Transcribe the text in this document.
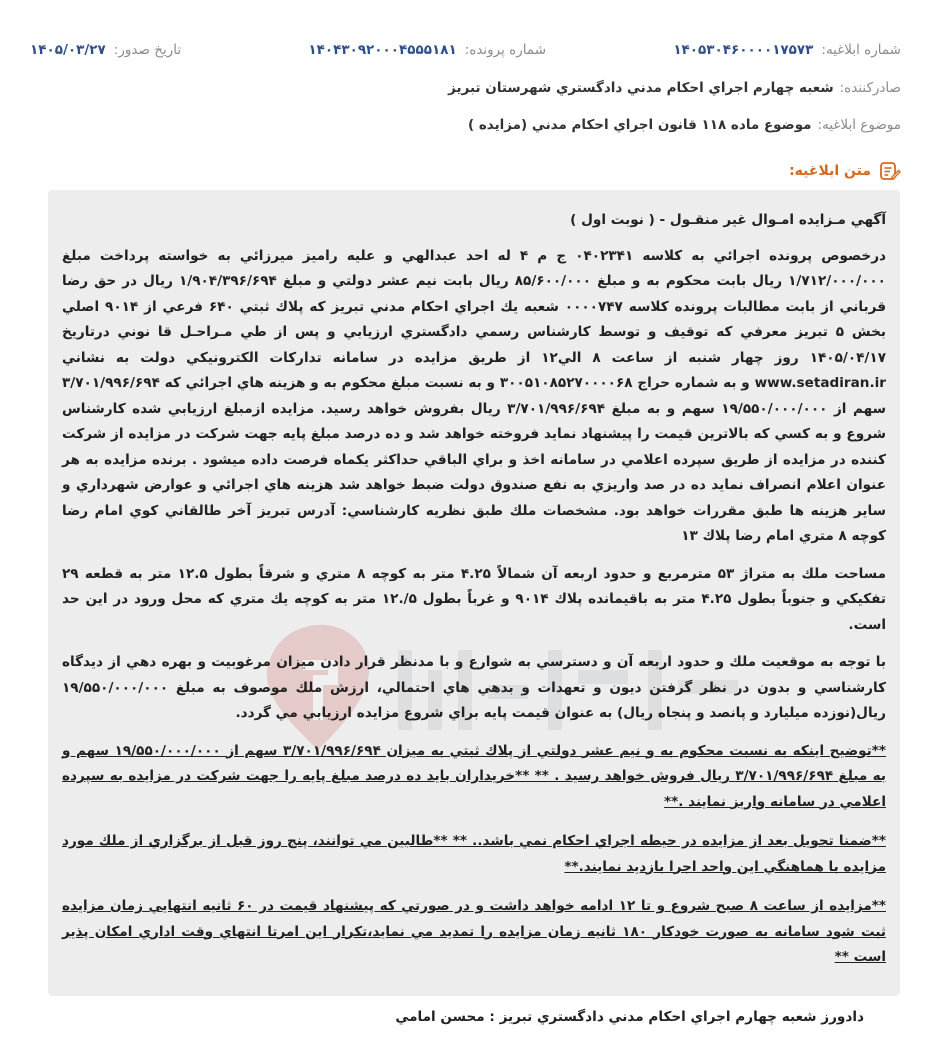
شماره ابلاغیه:
۱۴۰۵۳۰۴۶۰۰۰۰۱۷۵۷۳
شماره پرونده:
۱۴۰۴۳۰۹۲۰۰۰۴۵۵۵۱۸۱
تاریخ صدور:
۱۴۰۵/۰۳/۲۷
صادرکننده:
شعبه چهارم اجراي احكام مدني دادگستري شهرستان تبريز
موضوع ابلاغیه:
موضوع ماده ۱۱۸ قانون اجراي احكام مدني (مزايده )
متن ابلاغیه:

آگهي مـزايده امـوال غير منقـول - ( نوبت اول )

درخصوص پرونده اجرائي به كلاسه ۰۴۰۲۳۴۱ ج م ۴ له احد عبدالهي و عليه راميز ميرزائي به خواسته پرداخت مبلغ ۱/۷۱۲/۰۰۰/۰۰۰ ريال بابت محكوم به و مبلغ ۸۵/۶۰۰/۰۰۰ ريال بابت نيم عشر دولتي و مبلغ ۱/۹۰۴/۳۹۶/۶۹۴ ريال در حق رضا قرباني از بابت مطالبات پرونده كلاسه ۰۰۰۰۷۴۷ شعبه يك اجراي احكام مدني تبريز كه پلاك ثبتي ۶۴۰ فرعي از ۹۰۱۴ اصلي بخش ۵ تبريز معرفي كه توقيف و توسط كارشناس رسمي دادگستري ارزيابي و پس از طي مـراحـل قا نوني درتاريخ ۱۴۰۵/۰۴/۱۷ روز چهار شنبه از ساعت ۸ الي۱۲ از طريق مزايده در سامانه تداركات الكترونيكي دولت به نشاني www.setadiran.ir و به شماره حراج ۳۰۰۵۱۰۸۵۲۷۰۰۰۰۶۸ و به نسبت مبلغ محكوم به و هزينه هاي اجرائي كه ۳/۷۰۱/۹۹۶/۶۹۴ سهم از ۱۹/۵۵۰/۰۰۰/۰۰۰ سهم و به مبلغ ۳/۷۰۱/۹۹۶/۶۹۴ ريال بفروش خواهد رسيد. مزايده ازمبلغ ارزيابي شده كارشناس شروع و به كسي كه بالاترين قيمت را پيشنهاد نمايد فروخته خواهد شد و ده درصد مبلغ پايه جهت شركت در مزايده از شركت كننده در مزايده از طريق سپرده اعلامي در سامانه اخذ و براي الباقي حداكثر يكماه فرصت داده ميشود . برنده مزايده به هر عنوان اعلام انصراف نمايد ده در صد واريزي به نفع صندوق دولت ضبط خواهد شد هزينه هاي اجرائي و عوارض شهرداري و ساير هزينه ها طبق مقررات خواهد بود. مشخصات ملك طبق نظريه كارشناسي: آدرس تبريز آخر طالقاني كوي امام رضا كوچه ۸ متري امام رضا پلاك ۱۳

مساحت ملك به متراژ ۵۳ مترمربع و حدود اربعه آن شمالاً ۴.۲۵ متر به كوچه ۸ متري و شرقاً بطول ۱۲.۵ متر به قطعه ۲۹ تفكيكي و جنوباً بطول ۴.۲۵ متر به باقيمانده پلاك ۹۰۱۴ و غرباً بطول ۵/.۱۲ متر به كوچه يك متري كه محل ورود در اين حد است.

با توجه به موقعيت ملك و حدود اربعه آن و دسترسي به شوارع و با مدنظر قرار دادن ميزان مرغوبيت و بهره دهي از ديدگاه كارشناسي و بدون در نظر گرفتن ديون و تعهدات و بدهي هاي احتمالي، ارزش ملك موصوف به مبلغ ۱۹/۵۵۰/۰۰۰/۰۰۰ ريال(نوزده ميليارد و پانصد و پنجاه ريال) به عنوان قيمت پايه براي شروع مزايده ارزيابي مي گردد.

**توضيح اينكه به نسبت محكوم به و نيم عشر دولتي از پلاك ثبتي به ميزان ۳/۷۰۱/۹۹۶/۶۹۴ سهم از ۱۹/۵۵۰/۰۰۰/۰۰۰ سهم و به مبلغ ۳/۷۰۱/۹۹۶/۶۹۴ ريال فروش خواهد رسيد . ** **خريداران بايد ده درصد مبلغ پايه را جهت شركت در مزايده به سپرده اعلامي در سامانه واريز نمايند .**

**ضمنا تحويل بعد از مزايده در حيطه اجراي احكام نمي باشد.. ** **طالبين مي توانند، پنج روز قبل از برگزاري از ملك مورد مزايده با هماهنگي اين واحد اجرا بازديد نمايند.**

**مزايده از ساعت ۸ صبح شروع و تا ۱۲ ادامه خواهد داشت و در صورتي كه پيشنهاد قيمت در ۶۰ ثانيه انتهايي زمان مزايده ثبت شود سامانه به صورت خودكار ۱۸۰ ثانيه زمان مزايده را تمديد مي نمايد،تكرار اين امرتا انتهاي وقت اداري امكان پذير است **

دادورز شعبه چهارم اجراي احكام مدني دادگستري تبريز : محسن امامي
